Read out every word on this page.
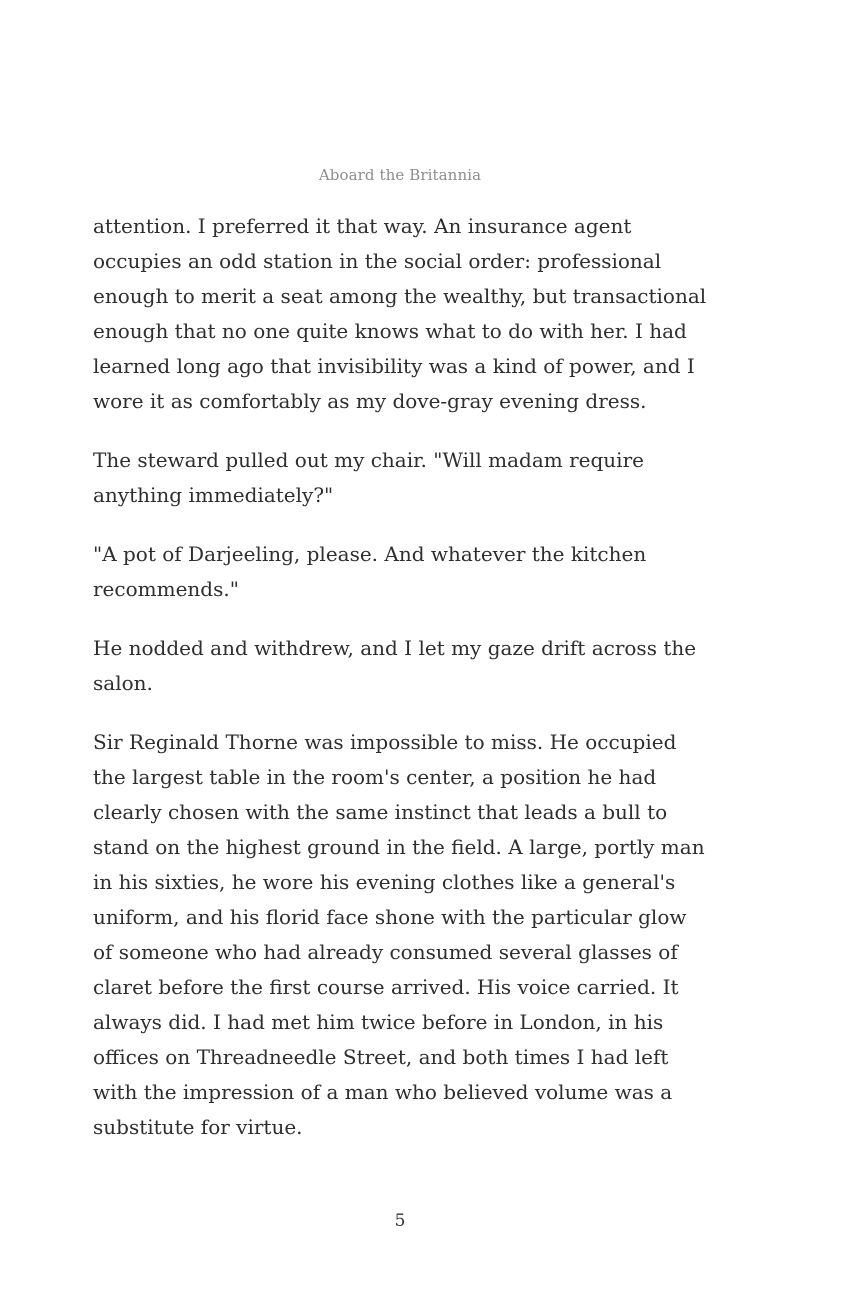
Aboard the Britannia

attention. I preferred it that way. An insurance agent
occupies an odd station in the social order: professional
enough to merit a seat among the wealthy, but transactional
enough that no one quite knows what to do with her. I had
learned long ago that invisibility was a kind of power, and I
wore it as comfortably as my dove-gray evening dress.

The steward pulled out my chair. "Will madam require
anything immediately?"

"A pot of Darjeeling, please. And whatever the kitchen
recommends."

He nodded and withdrew, and I let my gaze drift across the
salon.

Sir Reginald Thorne was impossible to miss. He occupied
the largest table in the room's center, a position he had
clearly chosen with the same instinct that leads a bull to
stand on the highest ground in the field. A large, portly man
in his sixties, he wore his evening clothes like a general's
uniform, and his florid face shone with the particular glow
of someone who had already consumed several glasses of
claret before the first course arrived. His voice carried. It
always did. I had met him twice before in London, in his
offices on Threadneedle Street, and both times I had left
with the impression of a man who believed volume was a
substitute for virtue.

5
